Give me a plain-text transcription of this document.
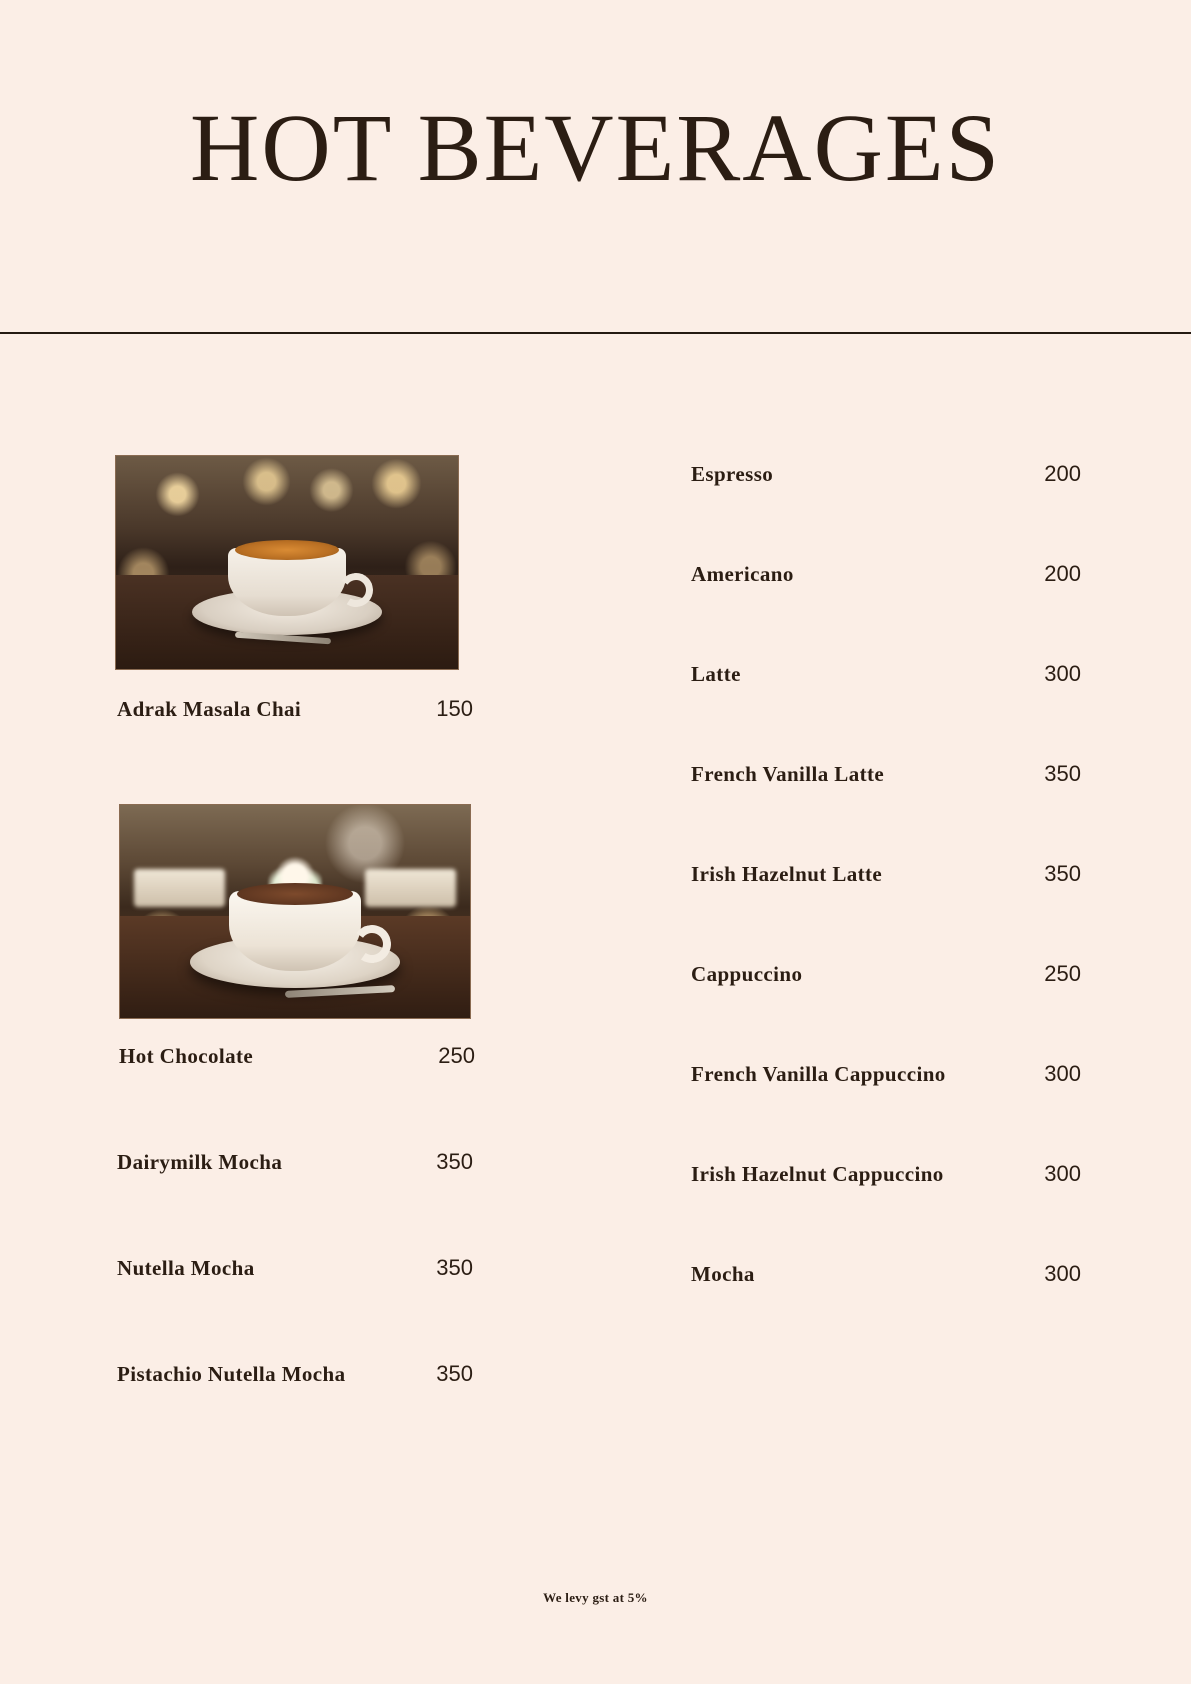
HOT BEVERAGES
Adrak Masala Chai	150
Hot Chocolate	250
Dairymilk Mocha	350
Nutella Mocha	350
Pistachio Nutella Mocha	350
Espresso	200
Americano	200
Latte	300
French Vanilla Latte	350
Irish Hazelnut Latte	350
Cappuccino	250
French Vanilla Cappuccino	300
Irish Hazelnut Cappuccino	300
Mocha	300
We levy gst at 5%
